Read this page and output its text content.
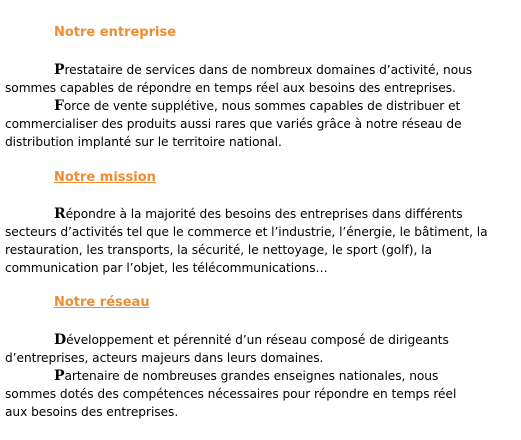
Notre entreprise
Prestataire de services dans de nombreux domaines d’activité, nous
sommes capables de répondre en temps réel aux besoins des entreprises.
Force de vente supplétive, nous sommes capables de distribuer et
commercialiser des produits aussi rares que variés grâce à notre réseau de
distribution implanté sur le territoire national.
Notre mission
Répondre à la majorité des besoins des entreprises dans différents
secteurs d’activités tel que le commerce et l’industrie, l’énergie, le bâtiment, la
restauration, les transports, la sécurité, le nettoyage, le sport (golf), la
communication par l’objet, les télécommunications…
Notre réseau
Développement et pérennité d’un réseau composé de dirigeants
d’entreprises, acteurs majeurs dans leurs domaines.
Partenaire de nombreuses grandes enseignes nationales, nous
sommes dotés des compétences nécessaires pour répondre en temps réel
aux besoins des entreprises.
